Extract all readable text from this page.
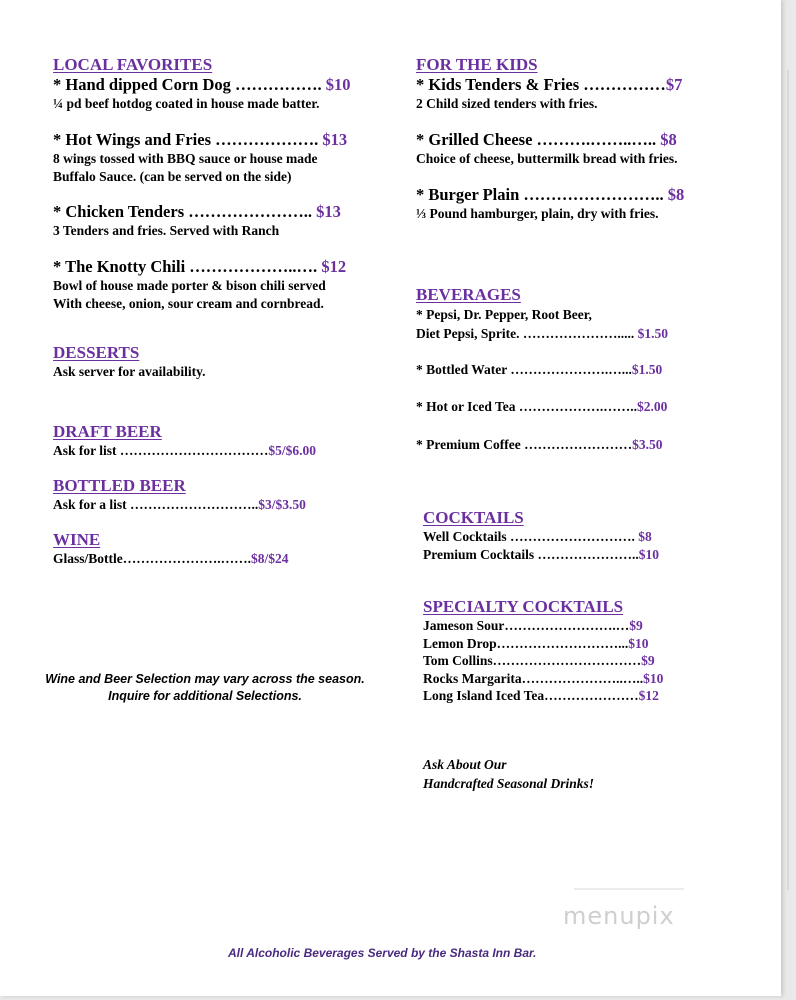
LOCAL FAVORITES
* Hand dipped Corn Dog ……………. $10
¼ pd beef hotdog coated in house made batter.
* Hot Wings and Fries ………………. $13
8 wings tossed with BBQ sauce or house made
Buffalo Sauce. (can be served on the side)
* Chicken Tenders ………………….. $13
3 Tenders and fries. Served with Ranch
* The Knotty Chili ………………..…. $12
Bowl of house made porter & bison chili served
With cheese, onion, sour cream and cornbread.
DESSERTS
Ask server for availability.
DRAFT BEER
Ask for list ……………………………$5/$6.00
BOTTLED BEER
Ask for a list ………………………..$3/$3.50
WINE
Glass/Bottle………………….…….$8/$24
Wine and Beer Selection may vary across the season.
Inquire for additional Selections.
FOR THE KIDS
* Kids Tenders & Fries ……………$7
2 Child sized tenders with fries.
* Grilled Cheese ……….……..….. $8
Choice of cheese, buttermilk bread with fries.
* Burger Plain …………………….. $8
⅓ Pound hamburger, plain, dry with fries.
BEVERAGES
* Pepsi, Dr. Pepper, Root Beer,
Diet Pepsi, Sprite. …………………..... $1.50
* Bottled Water ………………….…...$1.50
* Hot or Iced Tea ……………….……..$2.00
* Premium Coffee ……………………$3.50
COCKTAILS
Well Cocktails ………………………. $8
Premium Cocktails …………………..$10
SPECIALTY COCKTAILS
Jameson Sour…………………….…$9
Lemon Drop………………………...$10
Tom Collins……………………………$9
Rocks Margarita…………………..…..$10
Long Island Iced Tea…………………$12
Ask About Our
Handcrafted Seasonal Drinks!
menupix
All Alcoholic Beverages Served by the Shasta Inn Bar.
